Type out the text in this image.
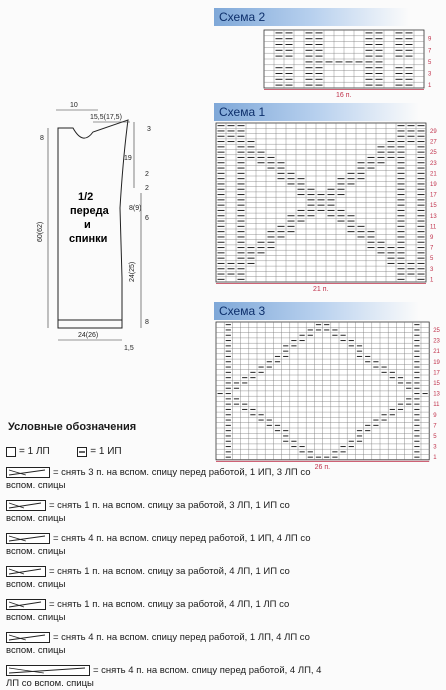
Схема 2
9
7
5
3
1
16 п.
Схема 1
29
27
25
23
21
19
17
15
13
11
9
7
5
3
1
21 п.
Схема 3
25
23
21
19
17
15
13
11
9
7
5
3
1
26 п.
10
15,5(17,5)
8
3
19
2
8(9)
2
6
60(62)
24(25)
8
24(26)
1,5
1/2
переда
и
спинки
Условные обозначения
= 1 ЛП	= 1 ИП
= снять 3 п. на вспом. спицу перед работой, 1 ИП, 3 ЛП со
вспом. спицы
= снять 1 п. на вспом. спицу за работой, 3 ЛП, 1 ИП со
вспом. спицы
= снять 4 п. на вспом. спицу перед работой, 1 ИП, 4 ЛП со
вспом. спицы
= снять 1 п. на вспом. спицу за работой, 4 ЛП, 1 ИП со
вспом. спицы
= снять 1 п. на вспом. спицу за работой, 4 ЛП, 1 ЛП со
вспом. спицы
= снять 4 п. на вспом. спицу перед работой, 1 ЛП, 4 ЛП со
вспом. спицы
= снять 4 п. на вспом. спицу перед работой, 4 ЛП, 4
ЛП со вспом. спицы
